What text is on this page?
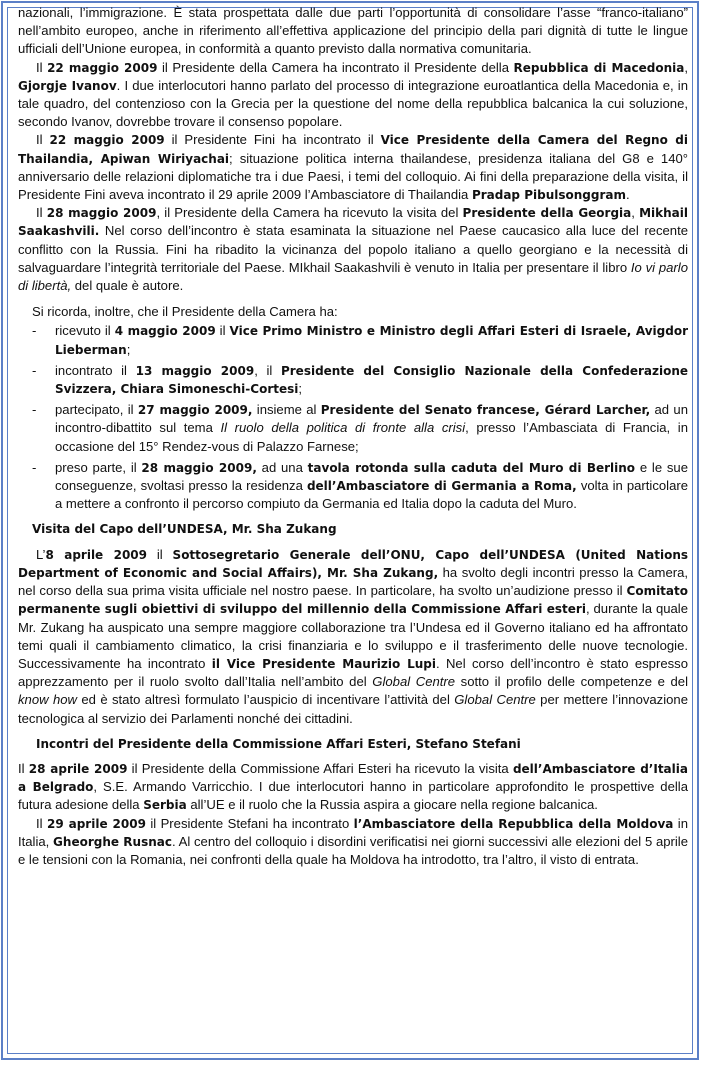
nazionali, l’immigrazione. È stata prospettata dalle due parti l’opportunità di consolidare l’asse “franco-italiano” nell’ambito europeo, anche in riferimento all’effettiva applicazione del principio della pari dignità di tutte le lingue ufficiali dell’Unione europea, in conformità a quanto previsto dalla normativa comunitaria.

Il 22 maggio 2009 il Presidente della Camera ha incontrato il Presidente della Repubblica di Macedonia, Gjorgje Ivanov. I due interlocutori hanno parlato del processo di integrazione euroatlantica della Macedonia e, in tale quadro, del contenzioso con la Grecia per la questione del nome della repubblica balcanica la cui soluzione, secondo Ivanov, dovrebbe trovare il consenso popolare.

Il 22 maggio 2009 il Presidente Fini ha incontrato il Vice Presidente della Camera del Regno di Thailandia, Apiwan Wiriyachai; situazione politica interna thailandese, presidenza italiana del G8 e 140° anniversario delle relazioni diplomatiche tra i due Paesi, i temi del colloquio. Ai fini della preparazione della visita, il Presidente Fini aveva incontrato il 29 aprile 2009 l’Ambasciatore di Thailandia Pradap Pibulsonggram.

Il 28 maggio 2009, il Presidente della Camera ha ricevuto la visita del Presidente della Georgia, Mikhail Saakashvili. Nel corso dell’incontro è stata esaminata la situazione nel Paese caucasico alla luce del recente conflitto con la Russia. Fini ha ribadito la vicinanza del popolo italiano a quello georgiano e la necessità di salvaguardare l’integrità territoriale del Paese. MIkhail Saakashvili è venuto in Italia per presentare il libro Io vi parlo di libertà, del quale è autore.

Si ricorda, inoltre, che il Presidente della Camera ha:

- ricevuto il 4 maggio 2009 il Vice Primo Ministro e Ministro degli Affari Esteri di Israele, Avigdor Lieberman;
- incontrato il 13 maggio 2009, il Presidente del Consiglio Nazionale della Confederazione Svizzera, Chiara Simoneschi-Cortesi;
- partecipato, il 27 maggio 2009, insieme al Presidente del Senato francese, Gérard Larcher, ad un incontro-dibattito sul tema Il ruolo della politica di fronte alla crisi, presso l’Ambasciata di Francia, in occasione del 15° Rendez-vous di Palazzo Farnese;
- preso parte, il 28 maggio 2009, ad una tavola rotonda sulla caduta del Muro di Berlino e le sue conseguenze, svoltasi presso la residenza dell’Ambasciatore di Germania a Roma, volta in particolare a mettere a confronto il percorso compiuto da Germania ed Italia dopo la caduta del Muro.

Visita del Capo dell’UNDESA, Mr. Sha Zukang

L’8 aprile 2009 il Sottosegretario Generale dell’ONU, Capo dell’UNDESA (United Nations Department of Economic and Social Affairs), Mr. Sha Zukang, ha svolto degli incontri presso la Camera, nel corso della sua prima visita ufficiale nel nostro paese. In particolare, ha svolto un’audizione presso il Comitato permanente sugli obiettivi di sviluppo del millennio della Commissione Affari esteri, durante la quale Mr. Zukang ha auspicato una sempre maggiore collaborazione tra l’Undesa ed il Governo italiano ed ha affrontato temi quali il cambiamento climatico, la crisi finanziaria e lo sviluppo e il trasferimento delle nuove tecnologie. Successivamente ha incontrato il Vice Presidente Maurizio Lupi. Nel corso dell’incontro è stato espresso apprezzamento per il ruolo svolto dall’Italia nell’ambito del Global Centre sotto il profilo delle competenze e del know how ed è stato altresì formulato l’auspicio di incentivare l’attività del Global Centre per mettere l’innovazione tecnologica al servizio dei Parlamenti nonché dei cittadini.

Incontri del Presidente della Commissione Affari Esteri, Stefano Stefani

Il 28 aprile 2009 il Presidente della Commissione Affari Esteri ha ricevuto la visita dell’Ambasciatore d’Italia a Belgrado, S.E. Armando Varricchio. I due interlocutori hanno in particolare approfondito le prospettive della futura adesione della Serbia all’UE e il ruolo che la Russia aspira a giocare nella regione balcanica.

Il 29 aprile 2009 il Presidente Stefani ha incontrato l’Ambasciatore della Repubblica della Moldova in Italia, Gheorghe Rusnac. Al centro del colloquio i disordini verificatisi nei giorni successivi alle elezioni del 5 aprile e le tensioni con la Romania, nei confronti della quale ha Moldova ha introdotto, tra l’altro, il visto di entrata.
